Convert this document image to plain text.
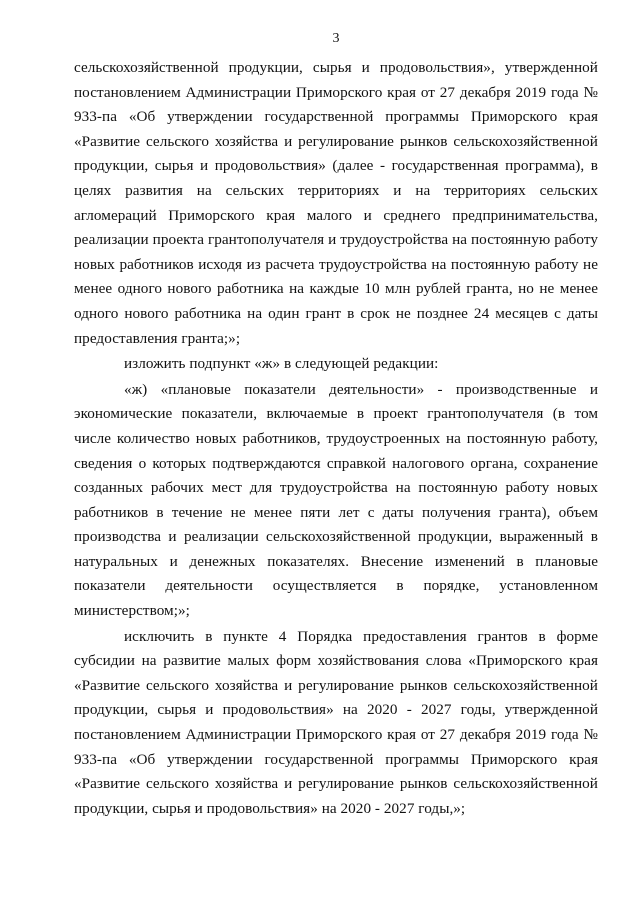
3

сельскохозяйственной продукции, сырья и продовольствия», утвержденной постановлением Администрации Приморского края от 27 декабря 2019 года № 933-па «Об утверждении государственной программы Приморского края «Развитие сельского хозяйства и регулирование рынков сельскохозяйственной продукции, сырья и продовольствия» (далее - государственная программа), в целях развития на сельских территориях и на территориях сельских агломераций Приморского края малого и среднего предпринимательства, реализации проекта грантополучателя и трудоустройства на постоянную работу новых работников исходя из расчета трудоустройства на постоянную работу не менее одного нового работника на каждые 10 млн рублей гранта, но не менее одного нового работника на один грант в срок не позднее 24 месяцев с даты предоставления гранта;»;

изложить подпункт «ж» в следующей редакции:

«ж) «плановые показатели деятельности» - производственные и экономические показатели, включаемые в проект грантополучателя (в том числе количество новых работников, трудоустроенных на постоянную работу, сведения о которых подтверждаются справкой налогового органа, сохранение созданных рабочих мест для трудоустройства на постоянную работу новых работников в течение не менее пяти лет с даты получения гранта), объем производства и реализации сельскохозяйственной продукции, выраженный в натуральных и денежных показателях. Внесение изменений в плановые показатели деятельности осуществляется в порядке, установленном министерством;»;

исключить в пункте 4 Порядка предоставления грантов в форме субсидии на развитие малых форм хозяйствования слова «Приморского края «Развитие сельского хозяйства и регулирование рынков сельскохозяйственной продукции, сырья и продовольствия» на 2020 - 2027 годы, утвержденной постановлением Администрации Приморского края от 27 декабря 2019 года № 933-па «Об утверждении государственной программы Приморского края «Развитие сельского хозяйства и регулирование рынков сельскохозяйственной продукции, сырья и продовольствия» на 2020 - 2027 годы,»;
